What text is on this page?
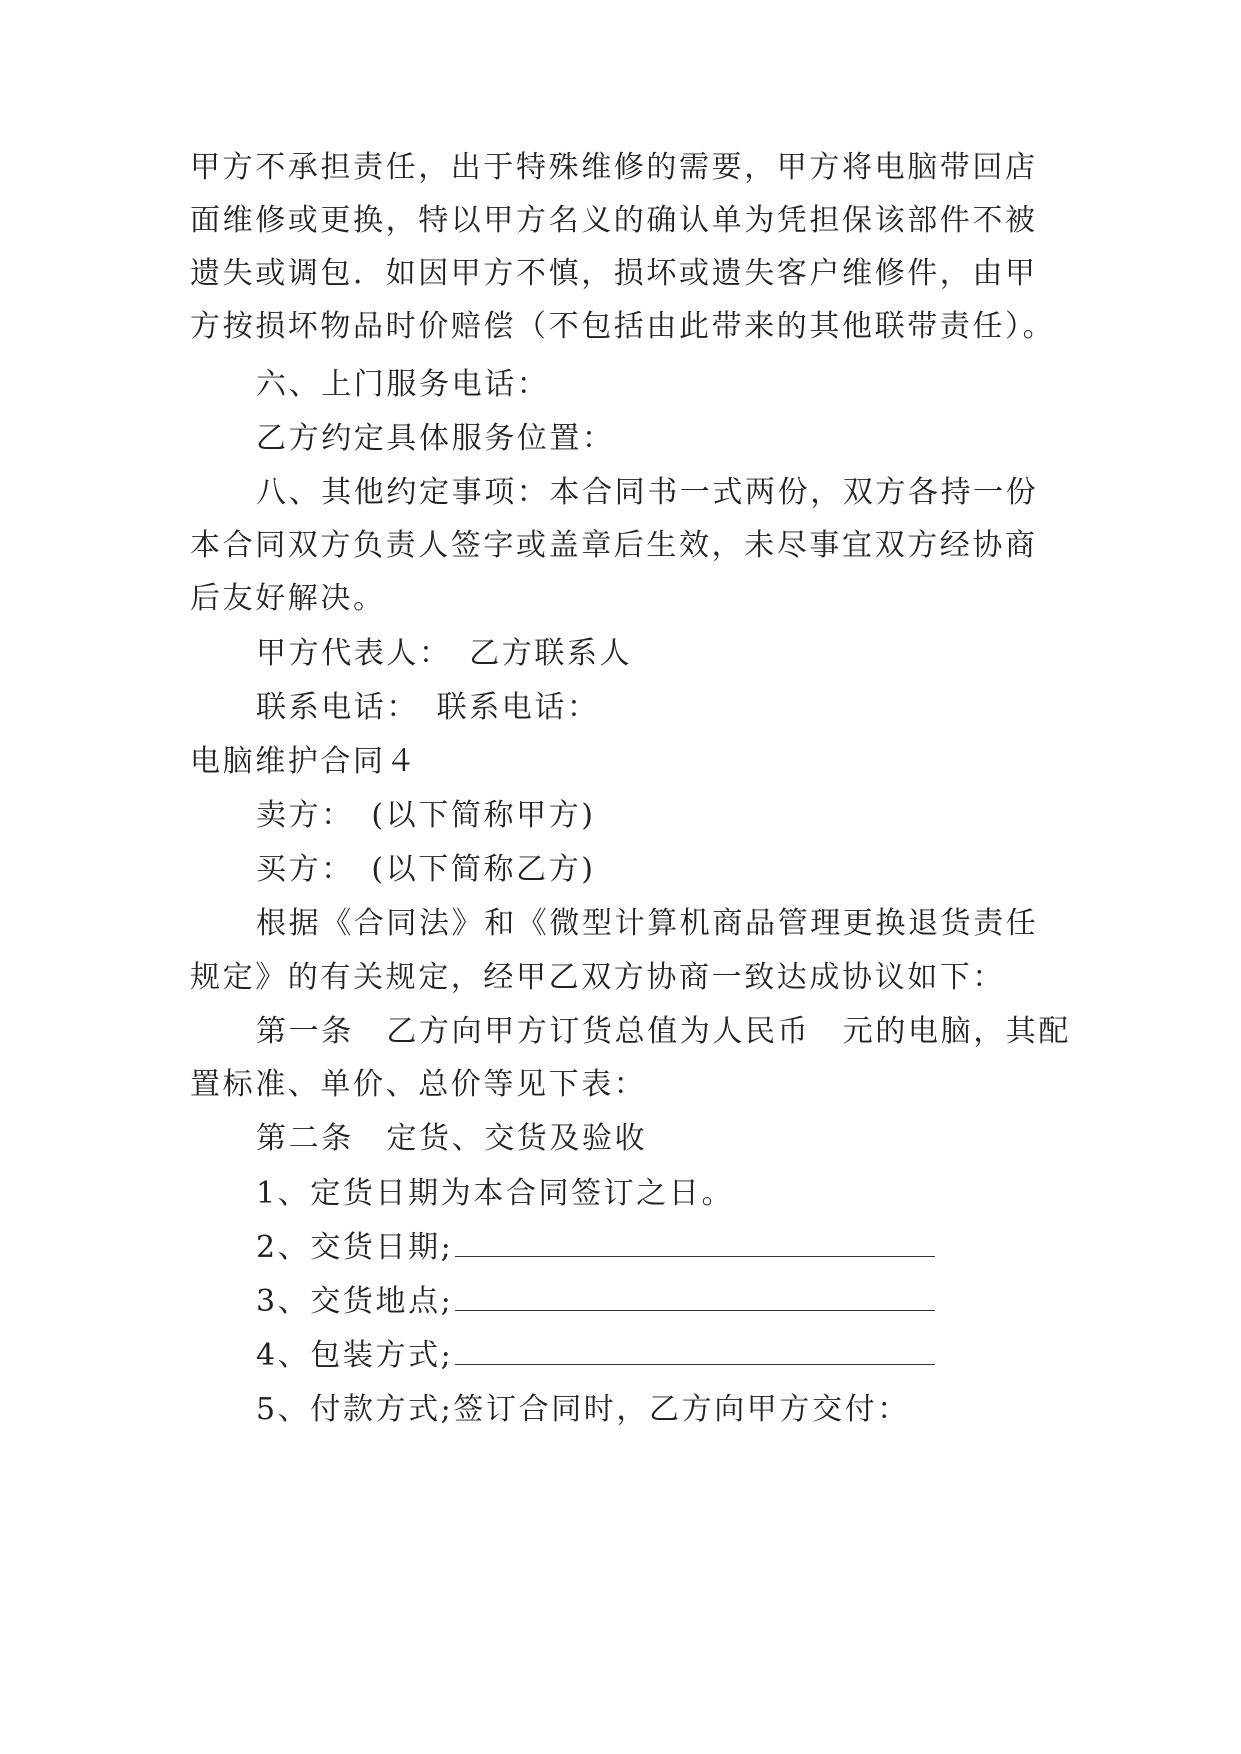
甲方不承担责任，出于特殊维修的需要，甲方将电脑带回店
面维修或更换，特以甲方名义的确认单为凭担保该部件不被
遗失或调包．如因甲方不慎，损坏或遗失客户维修件，由甲
方按损坏物品时价赔偿（不包括由此带来的其他联带责任）。
六、上门服务电话：
乙方约定具体服务位置：
八、其他约定事项：本合同书一式两份，双方各持一份
本合同双方负责人签字或盖章后生效，未尽事宜双方经协商
后友好解决。
甲方代表人：　乙方联系人
联系电话：　联系电话：
电脑维护合同４
卖方：　(以下简称甲方)
买方：　(以下简称乙方)
根据《合同法》和《微型计算机商品管理更换退货责任
规定》的有关规定，经甲乙双方协商一致达成协议如下：
第一条　乙方向甲方订货总值为人民币　元的电脑，其配
置标准、单价、总价等见下表：
第二条　定货、交货及验收
1、定货日期为本合同签订之日。
2、交货日期;
3、交货地点;
4、包装方式;
5、付款方式;签订合同时，乙方向甲方交付：
